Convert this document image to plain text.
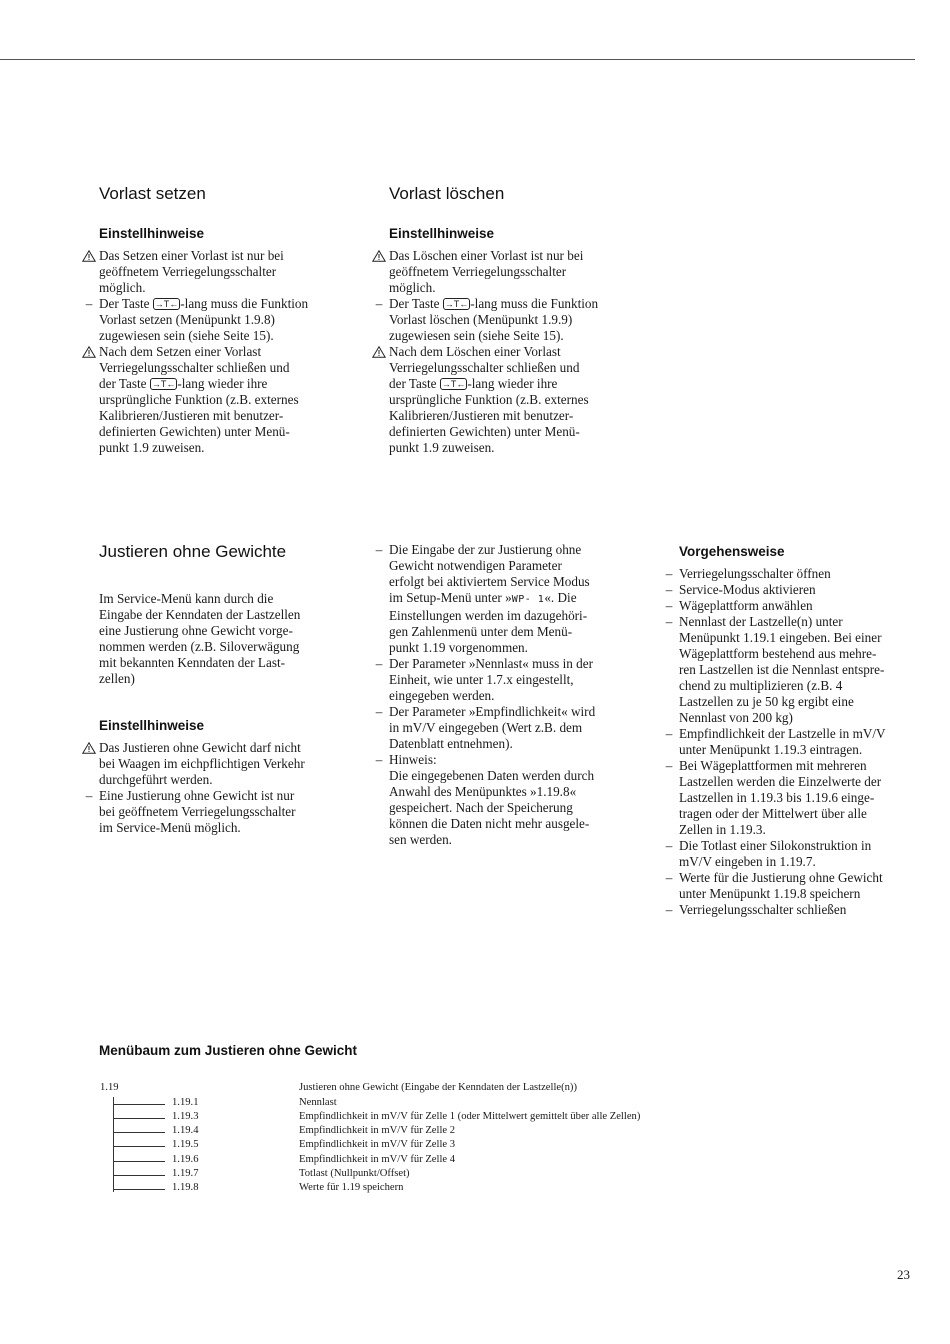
Vorlast setzen
Einstellhinweise
Das Setzen einer Vorlast ist nur bei
geöffnetem Verriegelungsschalter
möglich.
– Der Taste →T← -lang muss die Funktion
Vorlast setzen (Menüpunkt 1.9.8)
zugewiesen sein (siehe Seite 15).
Nach dem Setzen einer Vorlast
Verriegelungsschalter schließen und
der Taste →T← -lang wieder ihre
ursprüngliche Funktion (z.B. externes
Kalibrieren/Justieren mit benutzer-
definierten Gewichten) unter Menü-
punkt 1.9 zuweisen.
Vorlast löschen
Einstellhinweise
Das Löschen einer Vorlast ist nur bei
geöffnetem Verriegelungsschalter
möglich.
– Der Taste →T← -lang muss die Funktion
Vorlast löschen (Menüpunkt 1.9.9)
zugewiesen sein (siehe Seite 15).
Nach dem Löschen einer Vorlast
Verriegelungsschalter schließen und
der Taste →T← -lang wieder ihre
ursprüngliche Funktion (z.B. externes
Kalibrieren/Justieren mit benutzer-
definierten Gewichten) unter Menü-
punkt 1.9 zuweisen.
Justieren ohne Gewichte
Im Service-Menü kann durch die
Eingabe der Kenndaten der Lastzellen
eine Justierung ohne Gewicht vorge-
nommen werden (z.B. Siloverwägung
mit bekannten Kenndaten der Last-
zellen)
Einstellhinweise
Das Justieren ohne Gewicht darf nicht
bei Waagen im eichpflichtigen Verkehr
durchgeführt werden.
– Eine Justierung ohne Gewicht ist nur
bei geöffnetem Verriegelungsschalter
im Service-Menü möglich.
– Die Eingabe der zur Justierung ohne
Gewicht notwendigen Parameter
erfolgt bei aktiviertem Service Modus
im Setup-Menü unter »WP- 1«. Die
Einstellungen werden im dazugehöri-
gen Zahlenmenü unter dem Menü-
punkt 1.19 vorgenommen.
– Der Parameter »Nennlast« muss in der
Einheit, wie unter 1.7.x eingestellt,
eingegeben werden.
– Der Parameter »Empfindlichkeit« wird
in mV/V eingegeben (Wert z.B. dem
Datenblatt entnehmen).
– Hinweis:
Die eingegebenen Daten werden durch
Anwahl des Menüpunktes »1.19.8«
gespeichert. Nach der Speicherung
können die Daten nicht mehr ausgele-
sen werden.
Vorgehensweise
– Verriegelungsschalter öffnen
– Service-Modus aktivieren
– Wägeplattform anwählen
– Nennlast der Lastzelle(n) unter
Menüpunkt 1.19.1 eingeben. Bei einer
Wägeplattform bestehend aus mehre-
ren Lastzellen ist die Nennlast entspre-
chend zu multiplizieren (z.B. 4
Lastzellen zu je 50 kg ergibt eine
Nennlast von 200 kg)
– Empfindlichkeit der Lastzelle in mV/V
unter Menüpunkt 1.19.3 eintragen.
– Bei Wägeplattformen mit mehreren
Lastzellen werden die Einzelwerte der
Lastzellen in 1.19.3 bis 1.19.6 einge-
tragen oder der Mittelwert über alle
Zellen in 1.19.3.
– Die Totlast einer Silokonstruktion in
mV/V eingeben in 1.19.7.
– Werte für die Justierung ohne Gewicht
unter Menüpunkt 1.19.8 speichern
– Verriegelungsschalter schließen
Menübaum zum Justieren ohne Gewicht
1.19	Justieren ohne Gewicht (Eingabe der Kenndaten der Lastzelle(n))
1.19.1	Nennlast
1.19.3	Empfindlichkeit in mV/V für Zelle 1 (oder Mittelwert gemittelt über alle Zellen)
1.19.4	Empfindlichkeit in mV/V für Zelle 2
1.19.5	Empfindlichkeit in mV/V für Zelle 3
1.19.6	Empfindlichkeit in mV/V für Zelle 4
1.19.7	Totlast (Nullpunkt/Offset)
1.19.8	Werte für 1.19 speichern
23
